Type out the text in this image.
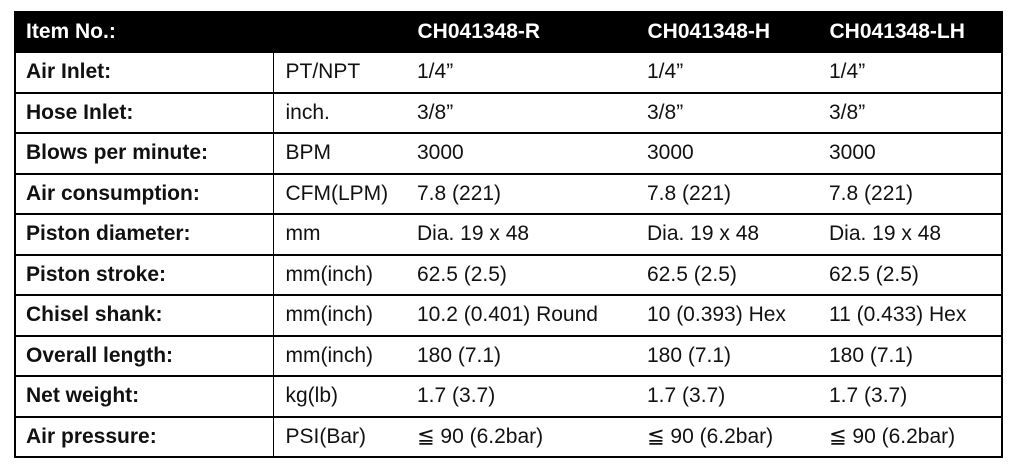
Item No.:		CH041348-R	CH041348-H	CH041348-LH
Air Inlet:	PT/NPT	1/4”	1/4”	1/4”
Hose Inlet:	inch.	3/8”	3/8”	3/8”
Blows per minute:	BPM	3000	3000	3000
Air consumption:	CFM(LPM)	7.8 (221)	7.8 (221)	7.8 (221)
Piston diameter:	mm	Dia. 19 x 48	Dia. 19 x 48	Dia. 19 x 48
Piston stroke:	mm(inch)	62.5 (2.5)	62.5 (2.5)	62.5 (2.5)
Chisel shank:	mm(inch)	10.2 (0.401) Round	10 (0.393) Hex	11 (0.433) Hex
Overall length:	mm(inch)	180 (7.1)	180 (7.1)	180 (7.1)
Net weight:	kg(lb)	1.7 (3.7)	1.7 (3.7)	1.7 (3.7)
Air pressure:	PSI(Bar)	≦ 90 (6.2bar)	≦ 90 (6.2bar)	≦ 90 (6.2bar)
